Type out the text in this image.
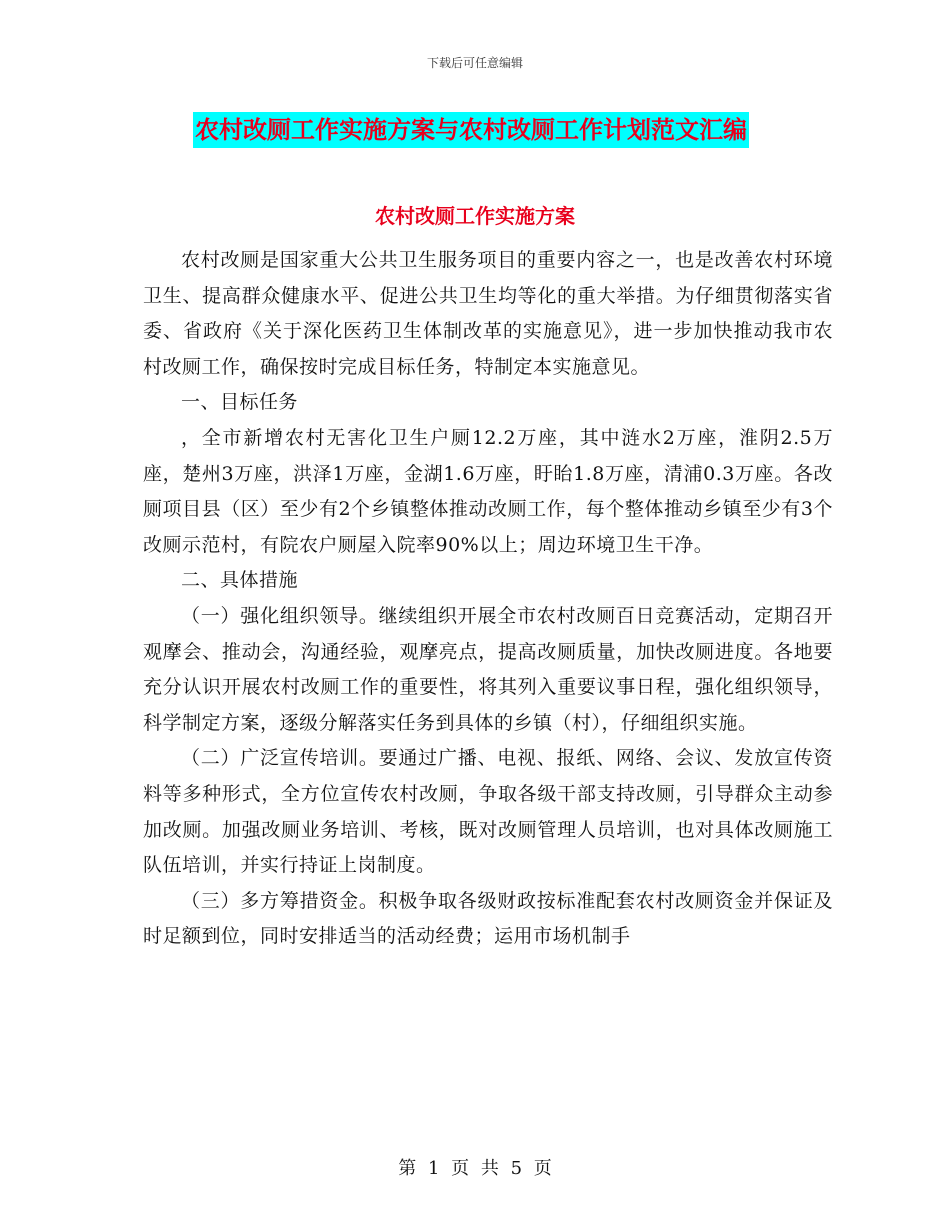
下载后可任意编辑
农村改厕工作实施方案与农村改厕工作计划范文汇编
农村改厕工作实施方案

农村改厕是国家重大公共卫生服务项目的重要内容之一，也是改善农村环境卫生、提高群众健康水平、促进公共卫生均等化的重大举措。为仔细贯彻落实省委、省政府《关于深化医药卫生体制改革的实施意见》，进一步加快推动我市农村改厕工作，确保按时完成目标任务，特制定本实施意见。

一、目标任务

，全市新增农村无害化卫生户厕12.2万座，其中涟水2万座，淮阴2.5万座，楚州3万座，洪泽1万座，金湖1.6万座，盱眙1.8万座，清浦0.3万座。各改厕项目县（区）至少有2个乡镇整体推动改厕工作，每个整体推动乡镇至少有3个改厕示范村，有院农户厕屋入院率90%以上；周边环境卫生干净。

二、具体措施

（一）强化组织领导。继续组织开展全市农村改厕百日竞赛活动，定期召开观摩会、推动会，沟通经验，观摩亮点，提高改厕质量，加快改厕进度。各地要充分认识开展农村改厕工作的重要性，将其列入重要议事日程，强化组织领导，科学制定方案，逐级分解落实任务到具体的乡镇（村），仔细组织实施。

（二）广泛宣传培训。要通过广播、电视、报纸、网络、会议、发放宣传资料等多种形式，全方位宣传农村改厕，争取各级干部支持改厕，引导群众主动参加改厕。加强改厕业务培训、考核，既对改厕管理人员培训，也对具体改厕施工队伍培训，并实行持证上岗制度。

（三）多方筹措资金。积极争取各级财政按标准配套农村改厕资金并保证及时足额到位，同时安排适当的活动经费；运用市场机制手

第 1 页 共 5 页
